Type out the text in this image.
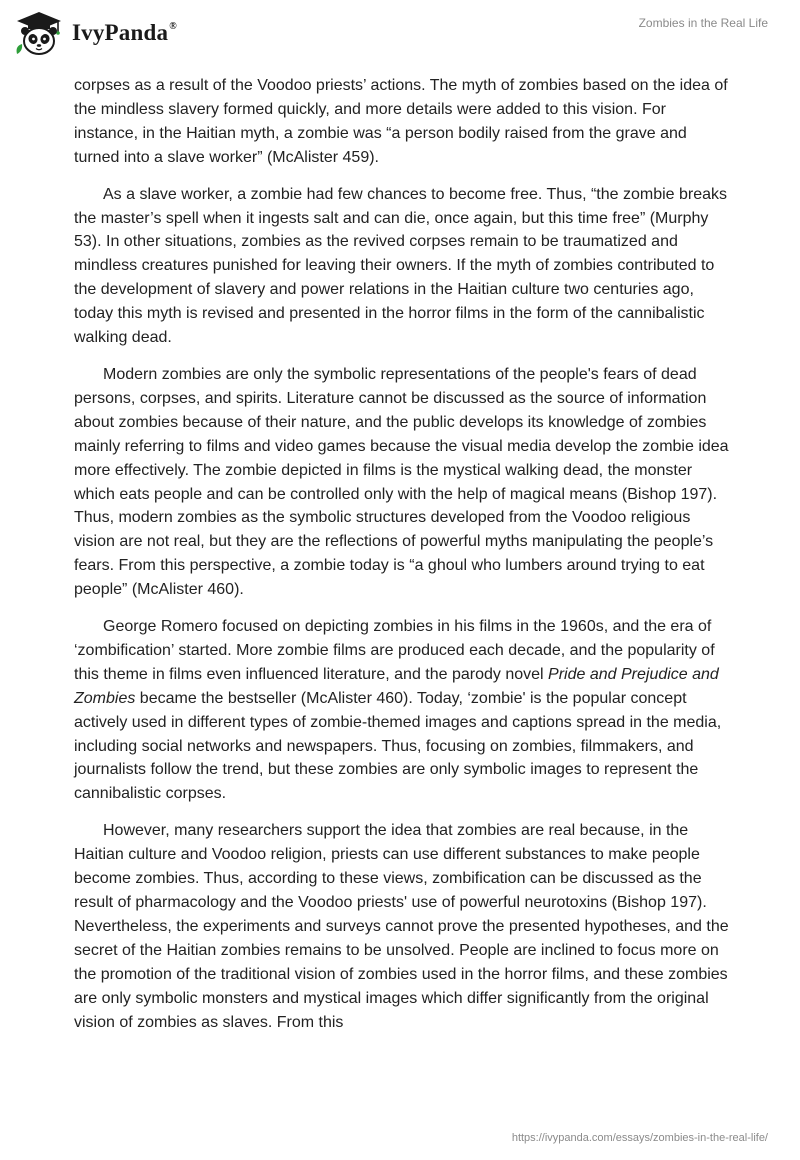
IvyPanda®	Zombies in the Real Life

corpses as a result of the Voodoo priests’ actions. The myth of zombies based on the idea of the mindless slavery formed quickly, and more details were added to this vision. For instance, in the Haitian myth, a zombie was “a person bodily raised from the grave and turned into a slave worker” (McAlister 459).

As a slave worker, a zombie had few chances to become free. Thus, “the zombie breaks the master’s spell when it ingests salt and can die, once again, but this time free” (Murphy 53). In other situations, zombies as the revived corpses remain to be traumatized and mindless creatures punished for leaving their owners. If the myth of zombies contributed to the development of slavery and power relations in the Haitian culture two centuries ago, today this myth is revised and presented in the horror films in the form of the cannibalistic walking dead.

Modern zombies are only the symbolic representations of the people's fears of dead persons, corpses, and spirits. Literature cannot be discussed as the source of information about zombies because of their nature, and the public develops its knowledge of zombies mainly referring to films and video games because the visual media develop the zombie idea more effectively. The zombie depicted in films is the mystical walking dead, the monster which eats people and can be controlled only with the help of magical means (Bishop 197). Thus, modern zombies as the symbolic structures developed from the Voodoo religious vision are not real, but they are the reflections of powerful myths manipulating the people’s fears. From this perspective, a zombie today is “a ghoul who lumbers around trying to eat people” (McAlister 460).

George Romero focused on depicting zombies in his films in the 1960s, and the era of ‘zombification’ started. More zombie films are produced each decade, and the popularity of this theme in films even influenced literature, and the parody novel Pride and Prejudice and Zombies became the bestseller (McAlister 460). Today, ‘zombie' is the popular concept actively used in different types of zombie-themed images and captions spread in the media, including social networks and newspapers. Thus, focusing on zombies, filmmakers, and journalists follow the trend, but these zombies are only symbolic images to represent the cannibalistic corpses.

However, many researchers support the idea that zombies are real because, in the Haitian culture and Voodoo religion, priests can use different substances to make people become zombies. Thus, according to these views, zombification can be discussed as the result of pharmacology and the Voodoo priests' use of powerful neurotoxins (Bishop 197). Nevertheless, the experiments and surveys cannot prove the presented hypotheses, and the secret of the Haitian zombies remains to be unsolved. People are inclined to focus more on the promotion of the traditional vision of zombies used in the horror films, and these zombies are only symbolic monsters and mystical images which differ significantly from the original vision of zombies as slaves. From this

https://ivypanda.com/essays/zombies-in-the-real-life/
